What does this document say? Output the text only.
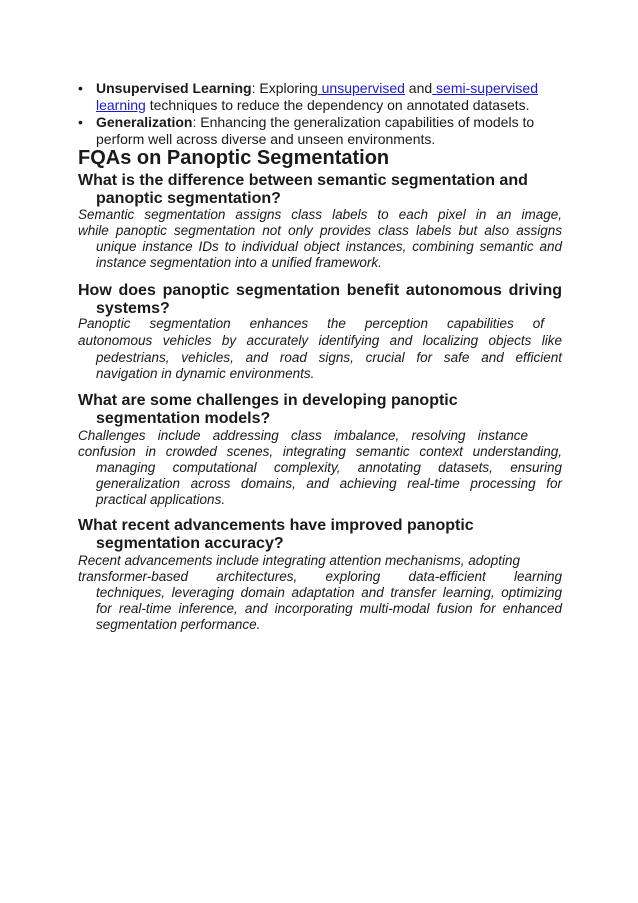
• Unsupervised Learning: Exploring unsupervised and semi-supervised
learning techniques to reduce the dependency on annotated datasets.
• Generalization: Enhancing the generalization capabilities of models to
perform well across diverse and unseen environments.
FQAs on Panoptic Segmentation
What is the difference between semantic segmentation and
panoptic segmentation?
Semantic segmentation assigns class labels to each pixel in an image,
while panoptic segmentation not only provides class labels but also assigns
unique instance IDs to individual object instances, combining semantic and
instance segmentation into a unified framework.
How does panoptic segmentation benefit autonomous driving
systems?
Panoptic segmentation enhances the perception capabilities of
autonomous vehicles by accurately identifying and localizing objects like
pedestrians, vehicles, and road signs, crucial for safe and efficient
navigation in dynamic environments.
What are some challenges in developing panoptic
segmentation models?
Challenges include addressing class imbalance, resolving instance
confusion in crowded scenes, integrating semantic context understanding,
managing computational complexity, annotating datasets, ensuring
generalization across domains, and achieving real-time processing for
practical applications.
What recent advancements have improved panoptic
segmentation accuracy?
Recent advancements include integrating attention mechanisms, adopting
transformer-based architectures, exploring data-efficient learning
techniques, leveraging domain adaptation and transfer learning, optimizing
for real-time inference, and incorporating multi-modal fusion for enhanced
segmentation performance.
